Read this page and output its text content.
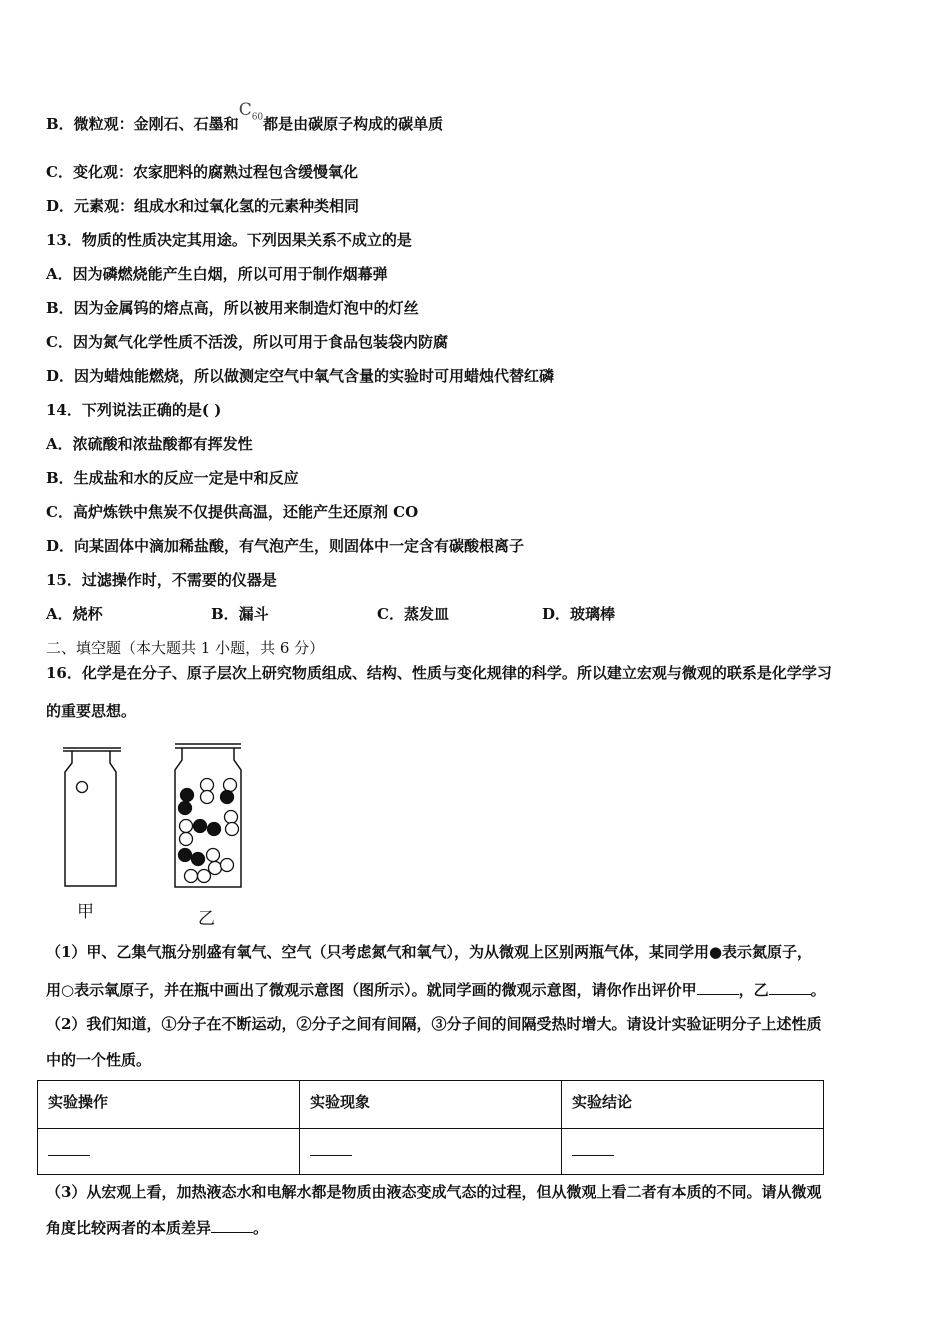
B．微粒观：金刚石、石墨和$C_{60}$都是由碳原子构成的碳单质
C．变化观：农家肥料的腐熟过程包含缓慢氧化
D．元素观：组成水和过氧化氢的元素种类相同
13．物质的性质决定其用途。下列因果关系不成立的是
A．因为磷燃烧能产生白烟，所以可用于制作烟幕弹
B．因为金属钨的熔点高，所以被用来制造灯泡中的灯丝
C．因为氮气化学性质不活泼，所以可用于食品包装袋内防腐
D．因为蜡烛能燃烧，所以做测定空气中氧气含量的实验时可用蜡烛代替红磷
14．下列说法正确的是( )
A．浓硫酸和浓盐酸都有挥发性
B．生成盐和水的反应一定是中和反应
C．高炉炼铁中焦炭不仅提供高温，还能产生还原剂 CO
D．向某固体中滴加稀盐酸，有气泡产生，则固体中一定含有碳酸根离子
15．过滤操作时，不需要的仪器是
A．烧杯	B．漏斗	C．蒸发皿	D．玻璃棒
二、填空题（本大题共 1 小题，共 6 分）
16．化学是在分子、原子层次上研究物质组成、结构、性质与变化规律的科学。所以建立宏观与微观的联系是化学学习
的重要思想。
甲	乙
（1）甲、乙集气瓶分别盛有氧气、空气（只考虑氮气和氧气），为从微观上区别两瓶气体，某同学用●表示氮原子，
用○表示氧原子，并在瓶中画出了微观示意图（图所示）。就同学画的微观示意图，请你作出评价甲	，乙	。
（2）我们知道，①分子在不断运动，②分子之间有间隔，③分子间的间隔受热时增大。请设计实验证明分子上述性质
中的一个性质。
实验操作	实验现象	实验结论

（3）从宏观上看，加热液态水和电解水都是物质由液态变成气态的过程，但从微观上看二者有本质的不同。请从微观
角度比较两者的本质差异	。
